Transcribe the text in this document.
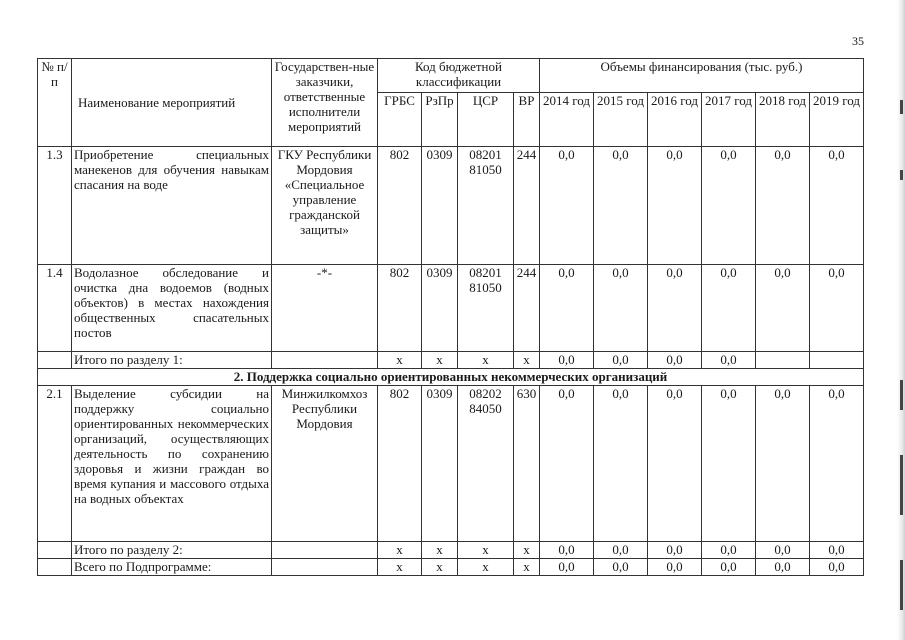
35
№ п/п	Наименование мероприятий	Государствен-ные заказчики, ответственные исполнители мероприятий	Код бюджетной классификации				Объемы финансирования (тыс. руб.)					
			ГРБС	РзПр	ЦСР	ВР	2014 год	2015 год	2016 год	2017 год	2018 год	2019 год
1.3	Приобретение специальных манекенов для обучения навыкам спасания на воде	ГКУ Республики Мордовия «Специальное управление гражданской защиты»	802	0309	08201 81050	244	0,0	0,0	0,0	0,0	0,0	0,0
1.4	Водолазное обследование и очистка дна водоемов (водных объектов) в местах нахождения общественных спасательных постов	-*-	802	0309	08201 81050	244	0,0	0,0	0,0	0,0	0,0	0,0
	Итого по разделу 1:		х	х	х	х	0,0	0,0	0,0	0,0		
2. Поддержка социально ориентированных некоммерческих организаций												
2.1	Выделение субсидии на поддержку социально ориентированных некоммерческих организаций, осуществляющих деятельность по сохранению здоровья и жизни граждан во время купания и массового отдыха на водных объектах	Минжилкомхоз Республики Мордовия	802	0309	08202 84050	630	0,0	0,0	0,0	0,0	0,0	0,0
	Итого по разделу 2:		х	х	х	х	0,0	0,0	0,0	0,0	0,0	0,0
	Всего по Подпрограмме:		х	х	х	х	0,0	0,0	0,0	0,0	0,0	0,0
